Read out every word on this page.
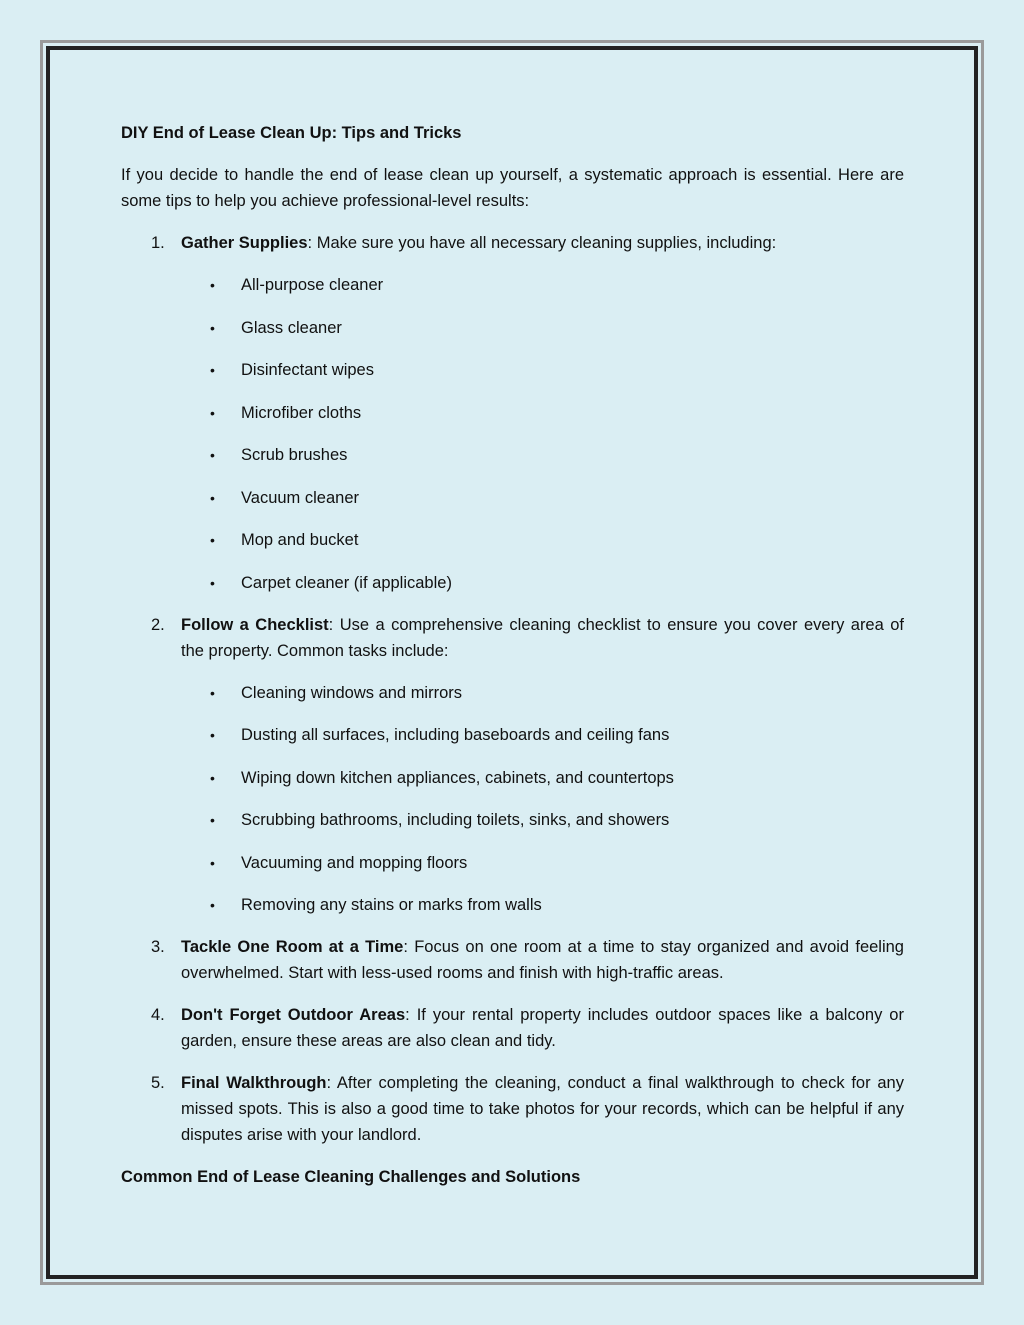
DIY End of Lease Clean Up: Tips and Tricks

If you decide to handle the end of lease clean up yourself, a systematic approach is essential. Here are some tips to help you achieve professional-level results:

1. Gather Supplies: Make sure you have all necessary cleaning supplies, including:
• All-purpose cleaner
• Glass cleaner
• Disinfectant wipes
• Microfiber cloths
• Scrub brushes
• Vacuum cleaner
• Mop and bucket
• Carpet cleaner (if applicable)
2. Follow a Checklist: Use a comprehensive cleaning checklist to ensure you cover every area of the property. Common tasks include:
• Cleaning windows and mirrors
• Dusting all surfaces, including baseboards and ceiling fans
• Wiping down kitchen appliances, cabinets, and countertops
• Scrubbing bathrooms, including toilets, sinks, and showers
• Vacuuming and mopping floors
• Removing any stains or marks from walls
3. Tackle One Room at a Time: Focus on one room at a time to stay organized and avoid feeling overwhelmed. Start with less-used rooms and finish with high-traffic areas.
4. Don't Forget Outdoor Areas: If your rental property includes outdoor spaces like a balcony or garden, ensure these areas are also clean and tidy.
5. Final Walkthrough: After completing the cleaning, conduct a final walkthrough to check for any missed spots. This is also a good time to take photos for your records, which can be helpful if any disputes arise with your landlord.

Common End of Lease Cleaning Challenges and Solutions
